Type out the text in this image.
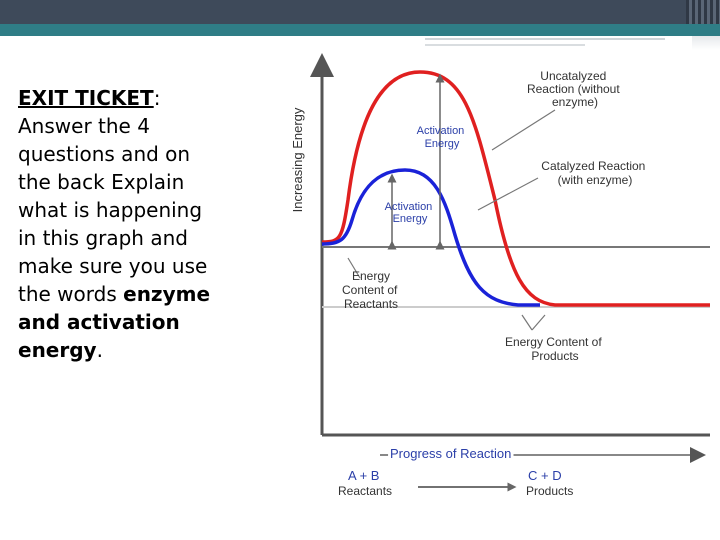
EXIT TICKET:
Answer the 4
questions and on
the back Explain
what is happening
in this graph and
make sure you use
the words enzyme
and activation
energy.
Increasing Energy	Activation Energy
Activation Energy
Uncatalyzed Reaction (without enzyme)
Catalyzed Reaction (with enzyme)
Energy Content of Reactants
Energy Content of Products
Progress of Reaction
A + B
Reactants
C + D
Products
